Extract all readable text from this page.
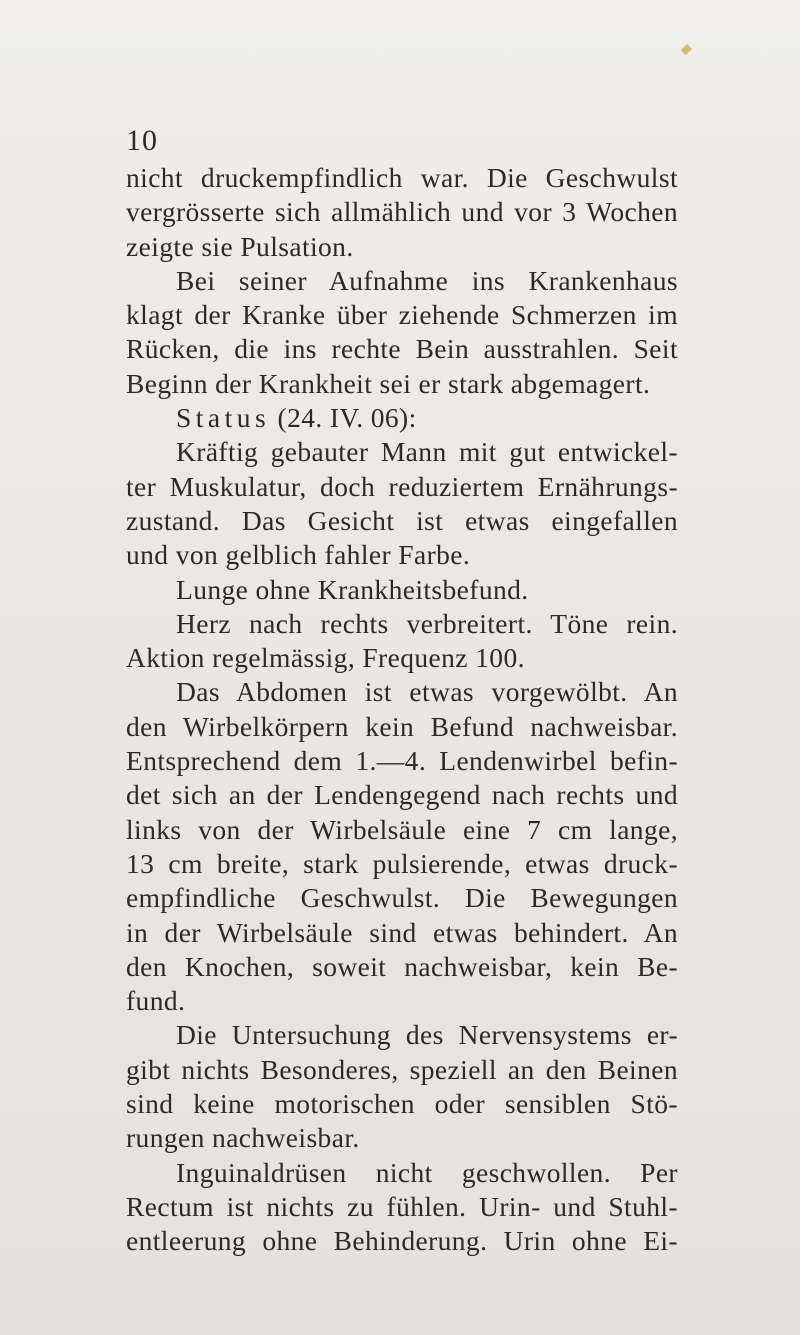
10
nicht druckempfindlich war. Die Geschwulst
vergrösserte sich allmählich und vor 3 Wochen
zeigte sie Pulsation.
Bei seiner Aufnahme ins Krankenhaus
klagt der Kranke über ziehende Schmerzen im
Rücken, die ins rechte Bein ausstrahlen. Seit
Beginn der Krankheit sei er stark abgemagert.
Status (24. IV. 06):
Kräftig gebauter Mann mit gut entwickel-
ter Muskulatur, doch reduziertem Ernährungs-
zustand. Das Gesicht ist etwas eingefallen
und von gelblich fahler Farbe.
Lunge ohne Krankheitsbefund.
Herz nach rechts verbreitert. Töne rein.
Aktion regelmässig, Frequenz 100.
Das Abdomen ist etwas vorgewölbt. An
den Wirbelkörpern kein Befund nachweisbar.
Entsprechend dem 1.—4. Lendenwirbel befin-
det sich an der Lendengegend nach rechts und
links von der Wirbelsäule eine 7 cm lange,
13 cm breite, stark pulsierende, etwas druck-
empfindliche Geschwulst. Die Bewegungen
in der Wirbelsäule sind etwas behindert. An
den Knochen, soweit nachweisbar, kein Be-
fund.
Die Untersuchung des Nervensystems er-
gibt nichts Besonderes, speziell an den Beinen
sind keine motorischen oder sensiblen Stö-
rungen nachweisbar.
Inguinaldrüsen nicht geschwollen. Per
Rectum ist nichts zu fühlen. Urin- und Stuhl-
entleerung ohne Behinderung. Urin ohne Ei-
